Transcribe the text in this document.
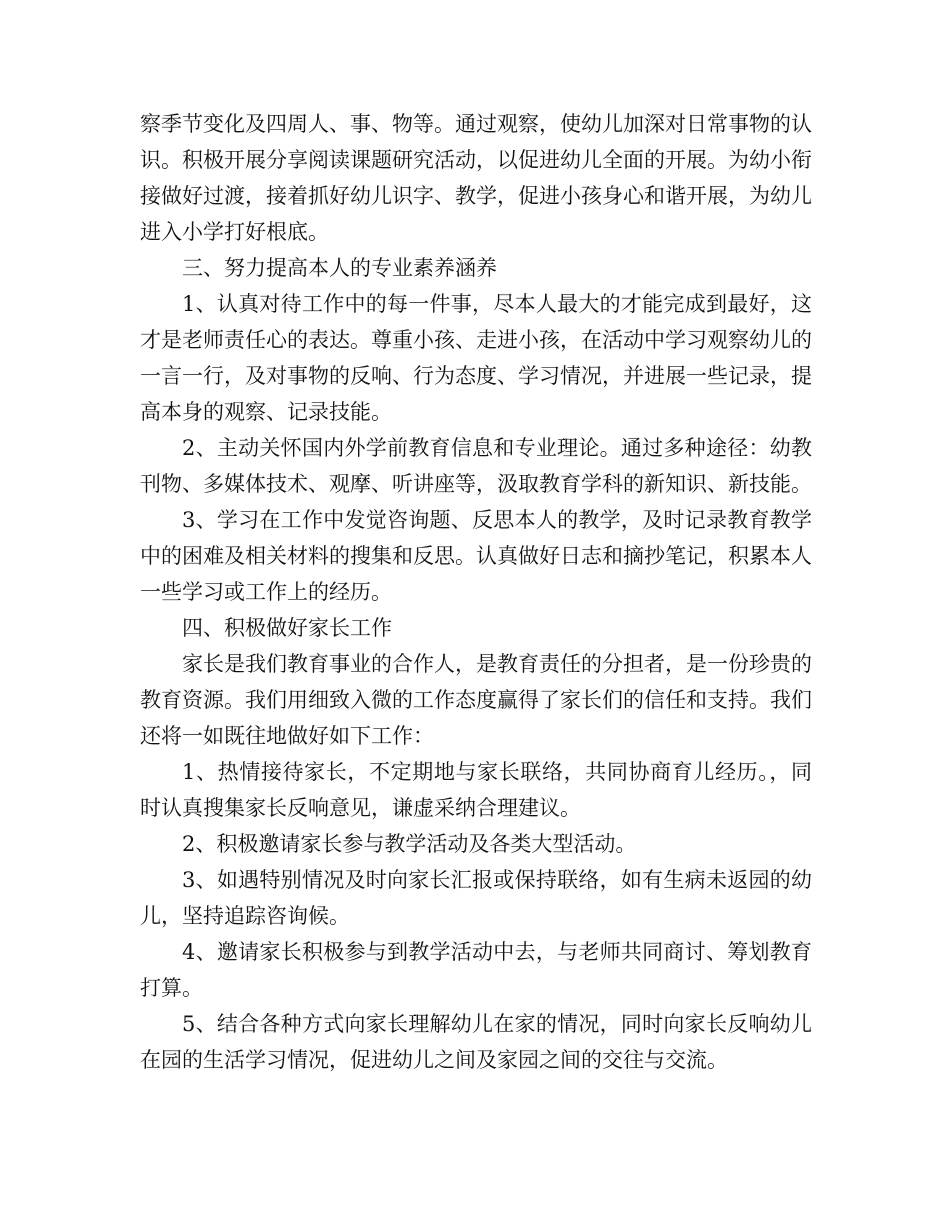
察季节变化及四周人、事、物等。通过观察，使幼儿加深对日常事物的认识。积极开展分享阅读课题研究活动，以促进幼儿全面的开展。为幼小衔接做好过渡，接着抓好幼儿识字、教学，促进小孩身心和谐开展，为幼儿进入小学打好根底。

三、努力提高本人的专业素养涵养

1、认真对待工作中的每一件事，尽本人最大的才能完成到最好，这才是老师责任心的表达。尊重小孩、走进小孩，在活动中学习观察幼儿的一言一行，及对事物的反响、行为态度、学习情况，并进展一些记录，提高本身的观察、记录技能。

2、主动关怀国内外学前教育信息和专业理论。通过多种途径：幼教刊物、多媒体技术、观摩、听讲座等，汲取教育学科的新知识、新技能。

3、学习在工作中发觉咨询题、反思本人的教学，及时记录教育教学中的困难及相关材料的搜集和反思。认真做好日志和摘抄笔记，积累本人一些学习或工作上的经历。

四、积极做好家长工作

家长是我们教育事业的合作人，是教育责任的分担者，是一份珍贵的教育资源。我们用细致入微的工作态度赢得了家长们的信任和支持。我们还将一如既往地做好如下工作：

1、热情接待家长，不定期地与家长联络，共同协商育儿经历。，同时认真搜集家长反响意见，谦虚采纳合理建议。

2、积极邀请家长参与教学活动及各类大型活动。

3、如遇特别情况及时向家长汇报或保持联络，如有生病未返园的幼儿，坚持追踪咨询候。

4、邀请家长积极参与到教学活动中去，与老师共同商讨、筹划教育打算。

5、结合各种方式向家长理解幼儿在家的情况，同时向家长反响幼儿在园的生活学习情况，促进幼儿之间及家园之间的交往与交流。
